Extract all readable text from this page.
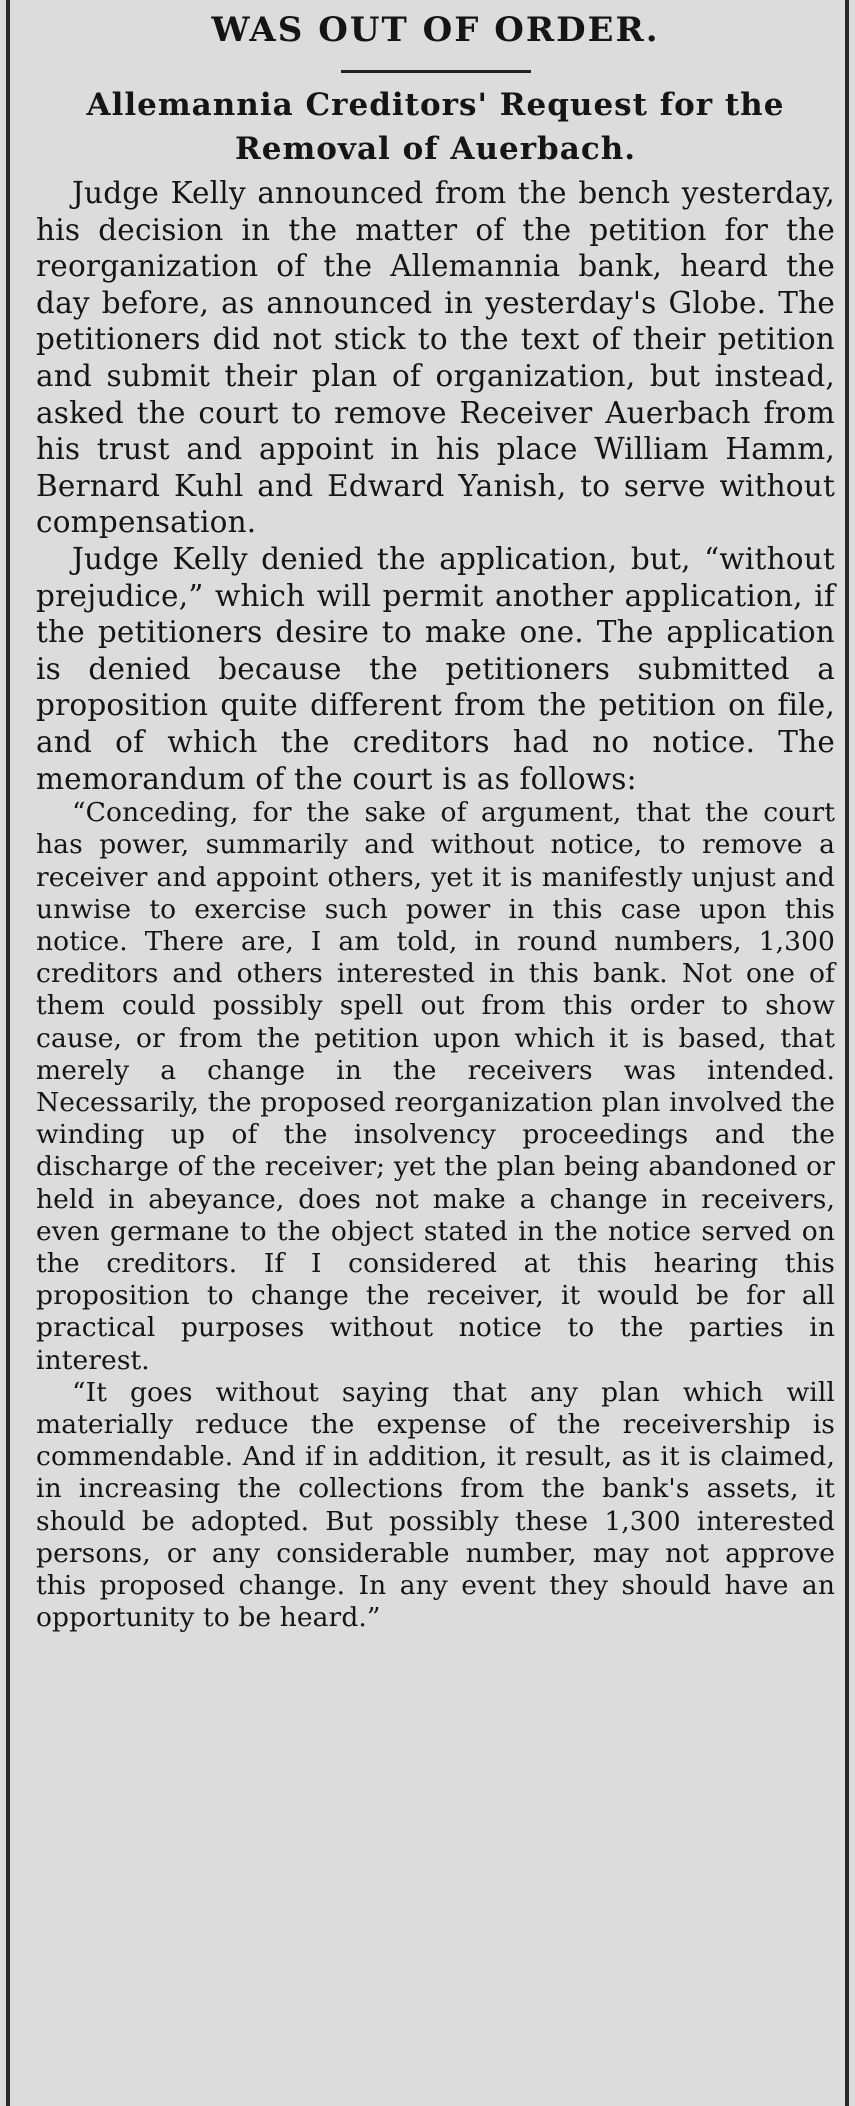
WAS OUT OF ORDER.
Allemannia Creditors' Request for the Removal of Auerbach.

Judge Kelly announced from the bench yesterday, his decision in the matter of the petition for the reorganization of the Allemannia bank, heard the day before, as announced in yesterday's Globe. The petitioners did not stick to the text of their petition and submit their plan of organization, but instead, asked the court to remove Receiver Auerbach from his trust and appoint in his place William Hamm, Bernard Kuhl and Edward Yanish, to serve without compensation.

Judge Kelly denied the application, but, “without prejudice,” which will permit another application, if the petitioners desire to make one. The application is denied because the petitioners submitted a proposition quite different from the petition on file, and of which the creditors had no notice. The memorandum of the court is as follows:

“Conceding, for the sake of argument, that the court has power, summarily and without notice, to remove a receiver and appoint others, yet it is manifestly unjust and unwise to exercise such power in this case upon this notice. There are, I am told, in round numbers, 1,300 creditors and others interested in this bank. Not one of them could possibly spell out from this order to show cause, or from the petition upon which it is based, that merely a change in the receivers was intended. Necessarily, the proposed reorganization plan involved the winding up of the insolvency proceedings and the discharge of the receiver; yet the plan being abandoned or held in abeyance, does not make a change in receivers, even germane to the object stated in the notice served on the creditors. If I considered at this hearing this proposition to change the receiver, it would be for all practical purposes without notice to the parties in interest.

“It goes without saying that any plan which will materially reduce the expense of the receivership is commendable. And if in addition, it result, as it is claimed, in increasing the collections from the bank's assets, it should be adopted. But possibly these 1,300 interested persons, or any considerable number, may not approve this proposed change. In any event they should have an opportunity to be heard.”
